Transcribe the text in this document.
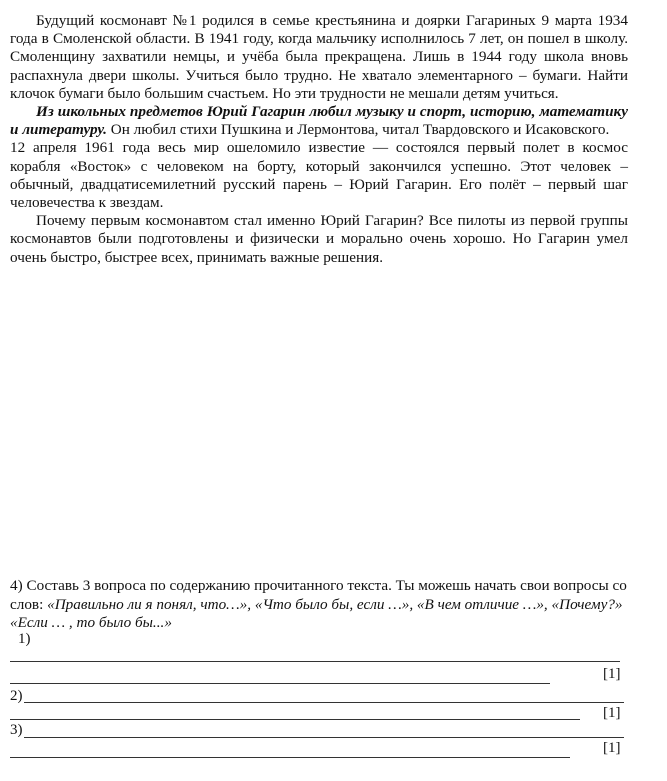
Будущий космонавт №1 родился в семье крестьянина и доярки Гагариных 9 марта 1934 года в Смоленской области. В 1941 году, когда мальчику исполнилось 7 лет, он пошел в школу. Смоленщину захватили немцы, и учёба была прекращена. Лишь в 1944 году школа вновь распахнула двери школы. Учиться было трудно. Не хватало элементарного – бумаги. Найти клочок бумаги было большим счастьем. Но эти трудности не мешали детям учиться.

Из школьных предметов Юрий Гагарин любил музыку и спорт, историю, математику и литературу. Он любил стихи Пушкина и Лермонтова, читал Твардовского и Исаковского.

12 апреля 1961 года весь мир ошеломило известие — состоялся первый полет в космос корабля «Восток» с человеком на борту, который закончился успешно. Этот человек – обычный, двадцатисемилетний русский парень – Юрий Гагарин. Его полёт – первый шаг человечества к звездам.

Почему первым космонавтом стал именно Юрий Гагарин? Все пилоты из первой группы космонавтов были подготовлены и физически и морально очень хорошо. Но Гагарин умел очень быстро, быстрее всех, принимать важные решения.

4) Составь 3 вопроса по содержанию прочитанного текста. Ты можешь начать свои вопросы со слов: «Правильно ли я понял, что…», «Что было бы, если …», «В чем отличие …», «Почему?» «Если … , то было бы...»

1)
[1]
2)
[1]
3)
[1]
